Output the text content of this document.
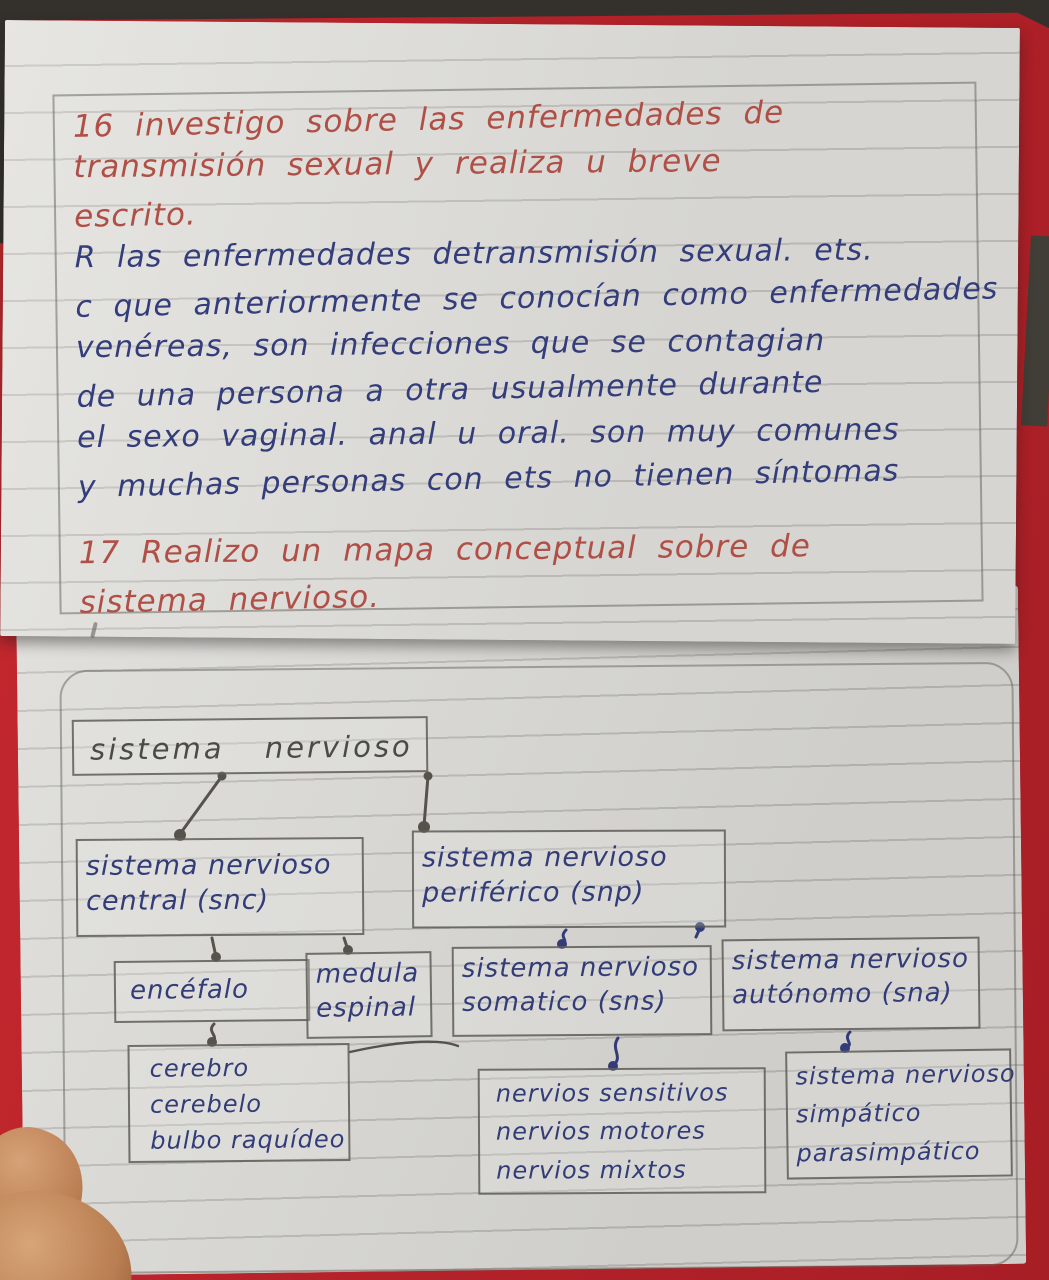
16 investigo sobre las enfermedades de

transmisión sexual y realiza u breve

escrito.

R las enfermedades detransmisión sexual. ets.

c que anteriormente se conocían como enfermedades

venéreas, son infecciones que se contagian

de una persona a otra usualmente durante

el sexo vaginal. anal u oral. son muy comunes

y muchas personas con ets no tienen síntomas

17 Realizo un mapa conceptual sobre de

sistema nervioso.

sistema nervioso
sistema nervioso
central (snc)
sistema nervioso
periférico (snp)
encéfalo
medula
espinal
sistema nervioso
somatico (sns)
sistema nervioso
autónomo (sna)
cerebro
cerebelo
bulbo raquídeo
nervios sensitivos
nervios motores
nervios mixtos
sistema nervioso
simpático
parasimpático
